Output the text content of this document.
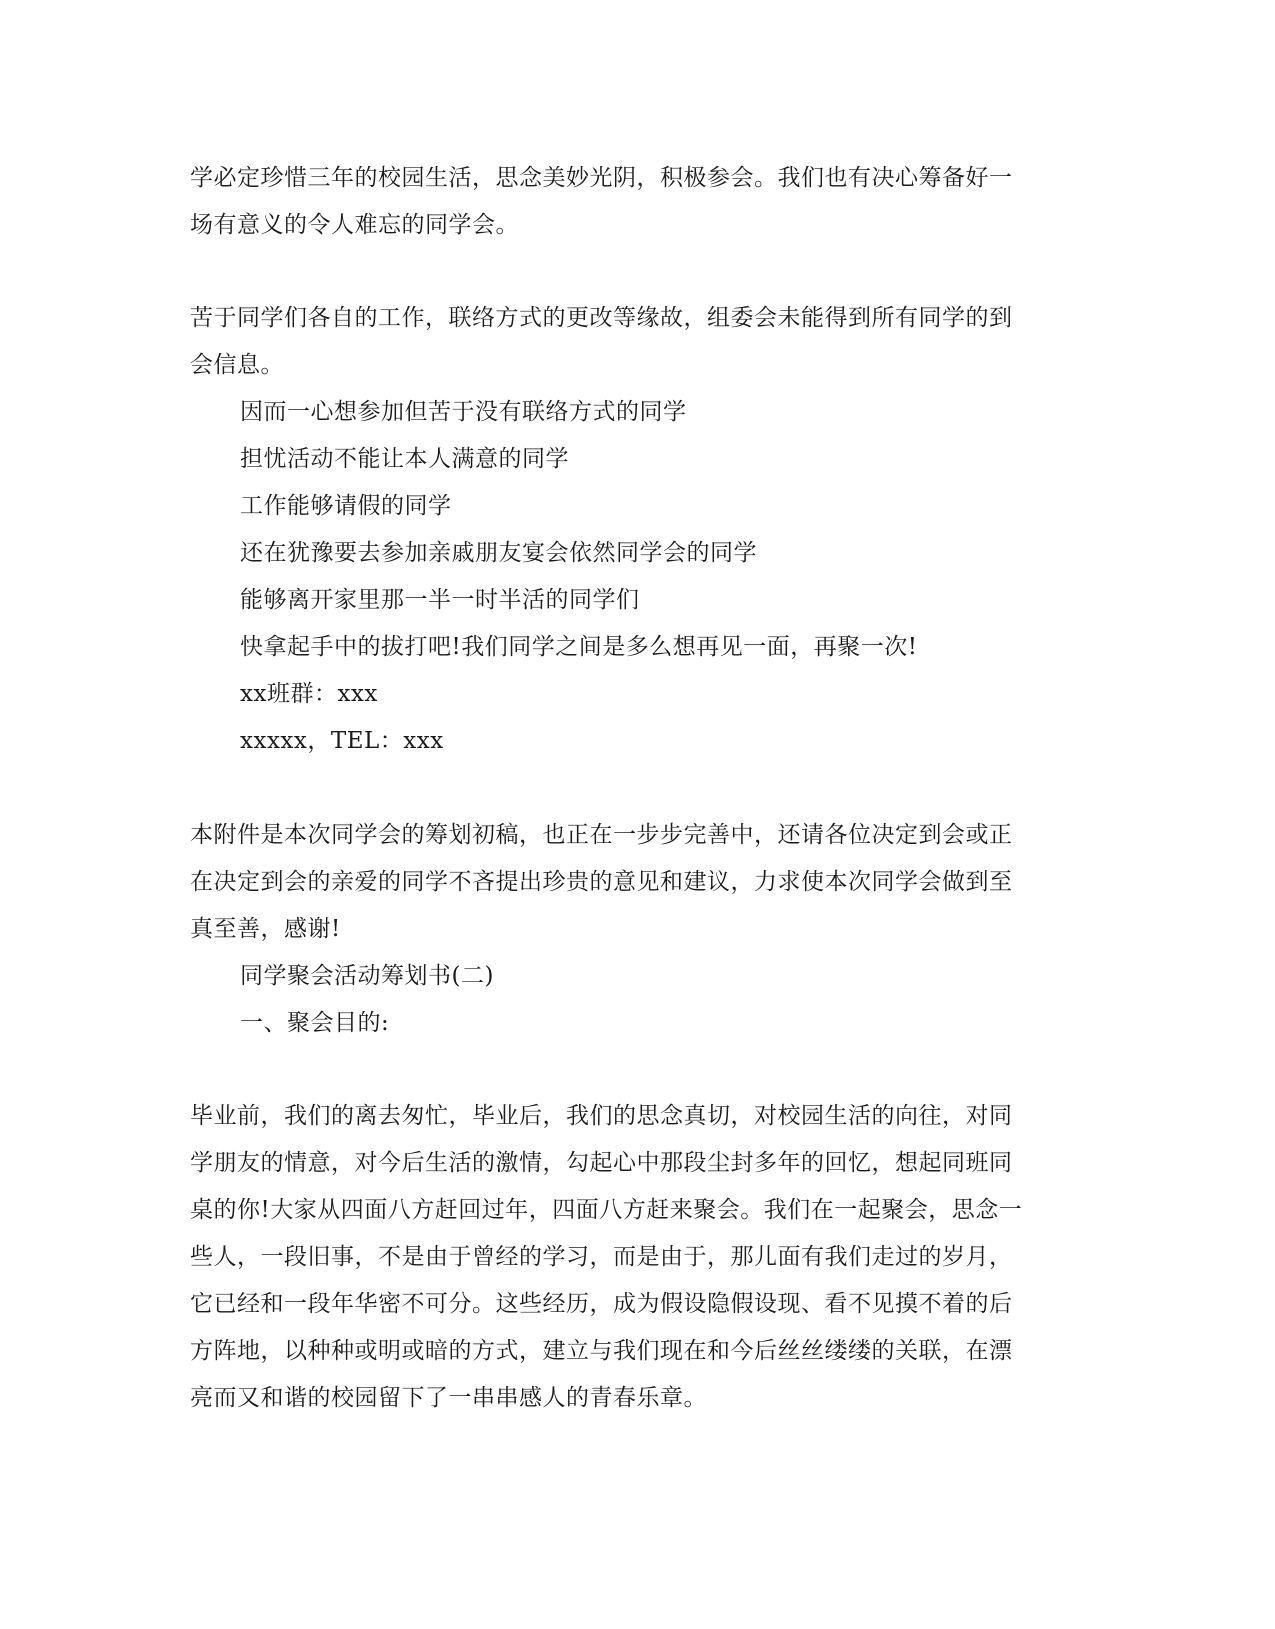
学必定珍惜三年的校园生活，思念美妙光阴，积极参会。我们也有决心筹备好一
场有意义的令人难忘的同学会。
苦于同学们各自的工作，联络方式的更改等缘故，组委会未能得到所有同学的到
会信息。
因而一心想参加但苦于没有联络方式的同学
担忧活动不能让本人满意的同学
工作能够请假的同学
还在犹豫要去参加亲戚朋友宴会依然同学会的同学
能够离开家里那一半一时半活的同学们
快拿起手中的拔打吧!我们同学之间是多么想再见一面，再聚一次!
xx班群：xxx
xxxxx，TEL：xxx
本附件是本次同学会的筹划初稿，也正在一步步完善中，还请各位决定到会或正
在决定到会的亲爱的同学不吝提出珍贵的意见和建议，力求使本次同学会做到至
真至善，感谢!
同学聚会活动筹划书(二)
一、聚会目的:
毕业前，我们的离去匆忙，毕业后，我们的思念真切，对校园生活的向往，对同
学朋友的情意，对今后生活的激情，勾起心中那段尘封多年的回忆，想起同班同
桌的你!大家从四面八方赶回过年，四面八方赶来聚会。我们在一起聚会，思念一
些人，一段旧事，不是由于曾经的学习，而是由于，那儿面有我们走过的岁月，
它已经和一段年华密不可分。这些经历，成为假设隐假设现、看不见摸不着的后
方阵地，以种种或明或暗的方式，建立与我们现在和今后丝丝缕缕的关联，在漂
亮而又和谐的校园留下了一串串感人的青春乐章。
